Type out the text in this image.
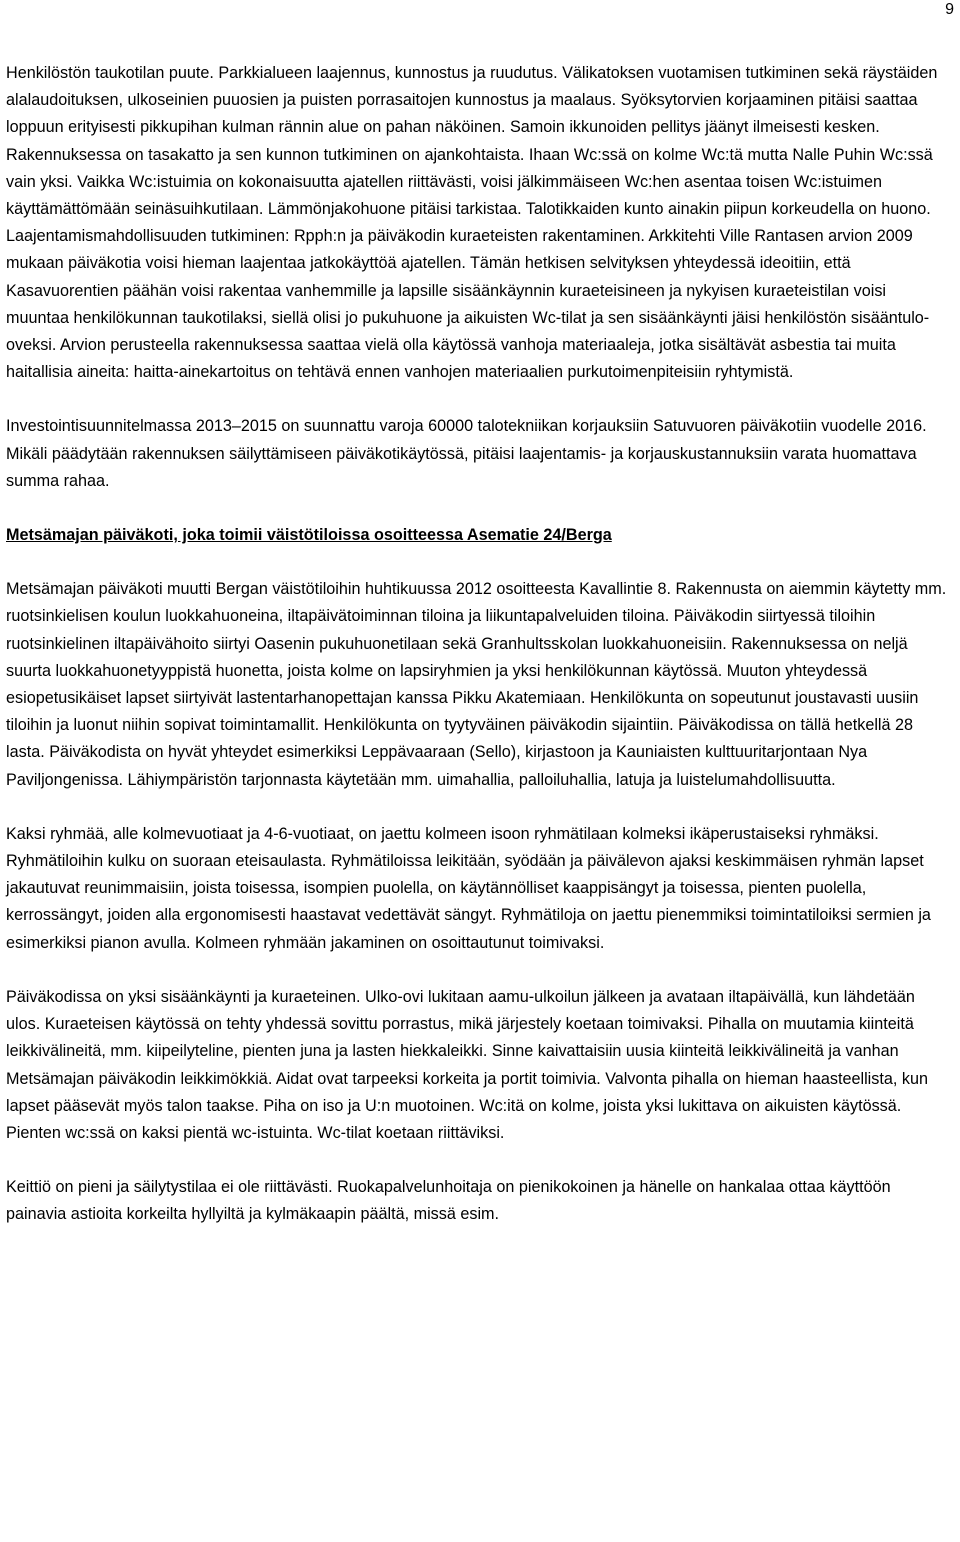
9

Henkilöstön taukotilan puute. Parkkialueen laajennus, kunnostus ja ruudutus. Välikatoksen vuotamisen tutkiminen sekä räystäiden alalaudoituksen, ulkoseinien puuosien ja puisten porrasaitojen kunnostus ja maalaus. Syöksytorvien korjaaminen pitäisi saattaa loppuun erityisesti pikkupihan kulman rännin alue on pahan näköinen. Samoin ikkunoiden pellitys jäänyt ilmeisesti kesken. Rakennuksessa on tasakatto ja sen kunnon tutkiminen on ajankohtaista. Ihaan Wc:ssä on kolme Wc:tä mutta Nalle Puhin Wc:ssä vain yksi. Vaikka Wc:istuimia on kokonaisuutta ajatellen riittävästi, voisi jälkimmäiseen Wc:hen asentaa toisen Wc:istuimen käyttämättömään seinäsuihkutilaan. Lämmönjakohuone pitäisi tarkistaa. Talotikkaiden kunto ainakin piipun korkeudella on huono. Laajentamismahdollisuuden tutkiminen: Rpph:n ja päiväkodin kuraeteisten rakentaminen. Arkkitehti Ville Rantasen arvion 2009 mukaan päiväkotia voisi hieman laajentaa jatkokäyttöä ajatellen. Tämän hetkisen selvityksen yhteydessä ideoitiin, että Kasavuorentien päähän voisi rakentaa vanhemmille ja lapsille sisäänkäynnin kuraeteisineen ja nykyisen kuraeteistilan voisi muuntaa henkilökunnan taukotilaksi, siellä olisi jo pukuhuone ja aikuisten Wc-tilat ja sen sisäänkäynti jäisi henkilöstön sisääntulo-oveksi. Arvion perusteella rakennuksessa saattaa vielä olla käytössä vanhoja materiaaleja, jotka sisältävät asbestia tai muita haitallisia aineita: haitta-ainekartoitus on tehtävä ennen vanhojen materiaalien purkutoimenpiteisiin ryhtymistä.

Investointisuunnitelmassa 2013–2015 on suunnattu varoja 60000 talotekniikan korjauksiin Satuvuoren päiväkotiin vuodelle 2016. Mikäli päädytään rakennuksen säilyttämiseen päiväkotikäytössä, pitäisi laajentamis- ja korjauskustannuksiin varata huomattava summa rahaa.

Metsämajan päiväkoti, joka toimii väistötiloissa osoitteessa Asematie 24/Berga

Metsämajan päiväkoti muutti Bergan väistötiloihin huhtikuussa 2012 osoitteesta Kavallintie 8. Rakennusta on aiemmin käytetty mm. ruotsinkielisen koulun luokkahuoneina, iltapäivätoiminnan tiloina ja liikuntapalveluiden tiloina. Päiväkodin siirtyessä tiloihin ruotsinkielinen iltapäivähoito siirtyi Oasenin pukuhuonetilaan sekä Granhultsskolan luokkahuoneisiin. Rakennuksessa on neljä suurta luokkahuonetyyppistä huonetta, joista kolme on lapsiryhmien ja yksi henkilökunnan käytössä. Muuton yhteydessä esiopetusikäiset lapset siirtyivät lastentarhanopettajan kanssa Pikku Akatemiaan. Henkilökunta on sopeutunut joustavasti uusiin tiloihin ja luonut niihin sopivat toimintamallit. Henkilökunta on tyytyväinen päiväkodin sijaintiin. Päiväkodissa on tällä hetkellä 28 lasta. Päiväkodista on hyvät yhteydet esimerkiksi Leppävaaraan (Sello), kirjastoon ja Kauniaisten kulttuuritarjontaan Nya Paviljongenissa. Lähiympäristön tarjonnasta käytetään mm. uimahallia, palloiluhallia, latuja ja luistelumahdollisuutta.

Kaksi ryhmää, alle kolmevuotiaat ja 4-6-vuotiaat, on jaettu kolmeen isoon ryhmätilaan kolmeksi ikäperustaiseksi ryhmäksi. Ryhmätiloihin kulku on suoraan eteisaulasta. Ryhmätiloissa leikitään, syödään ja päivälevon ajaksi keskimmäisen ryhmän lapset jakautuvat reunimmaisiin, joista toisessa, isompien puolella, on käytännölliset kaappisängyt ja toisessa, pienten puolella, kerrossängyt, joiden alla ergonomisesti haastavat vedettävät sängyt. Ryhmätiloja on jaettu pienemmiksi toimintatiloiksi sermien ja esimerkiksi pianon avulla. Kolmeen ryhmään jakaminen on osoittautunut toimivaksi.

Päiväkodissa on yksi sisäänkäynti ja kuraeteinen. Ulko-ovi lukitaan aamu-ulkoilun jälkeen ja avataan iltapäivällä, kun lähdetään ulos. Kuraeteisen käytössä on tehty yhdessä sovittu porrastus, mikä järjestely koetaan toimivaksi. Pihalla on muutamia kiinteitä leikkivälineitä, mm. kiipeilyteline, pienten juna ja lasten hiekkaleikki. Sinne kaivattaisiin uusia kiinteitä leikkivälineitä ja vanhan Metsämajan päiväkodin leikkimökkiä. Aidat ovat tarpeeksi korkeita ja portit toimivia. Valvonta pihalla on hieman haasteellista, kun lapset pääsevät myös talon taakse. Piha on iso ja U:n muotoinen. Wc:itä on kolme, joista yksi lukittava on aikuisten käytössä. Pienten wc:ssä on kaksi pientä wc-istuinta. Wc-tilat koetaan riittäviksi.

Keittiö on pieni ja säilytystilaa ei ole riittävästi. Ruokapalvelunhoitaja on pienikokoinen ja hänelle on hankalaa ottaa käyttöön painavia astioita korkeilta hyllyiltä ja kylmäkaapin päältä, missä esim.
